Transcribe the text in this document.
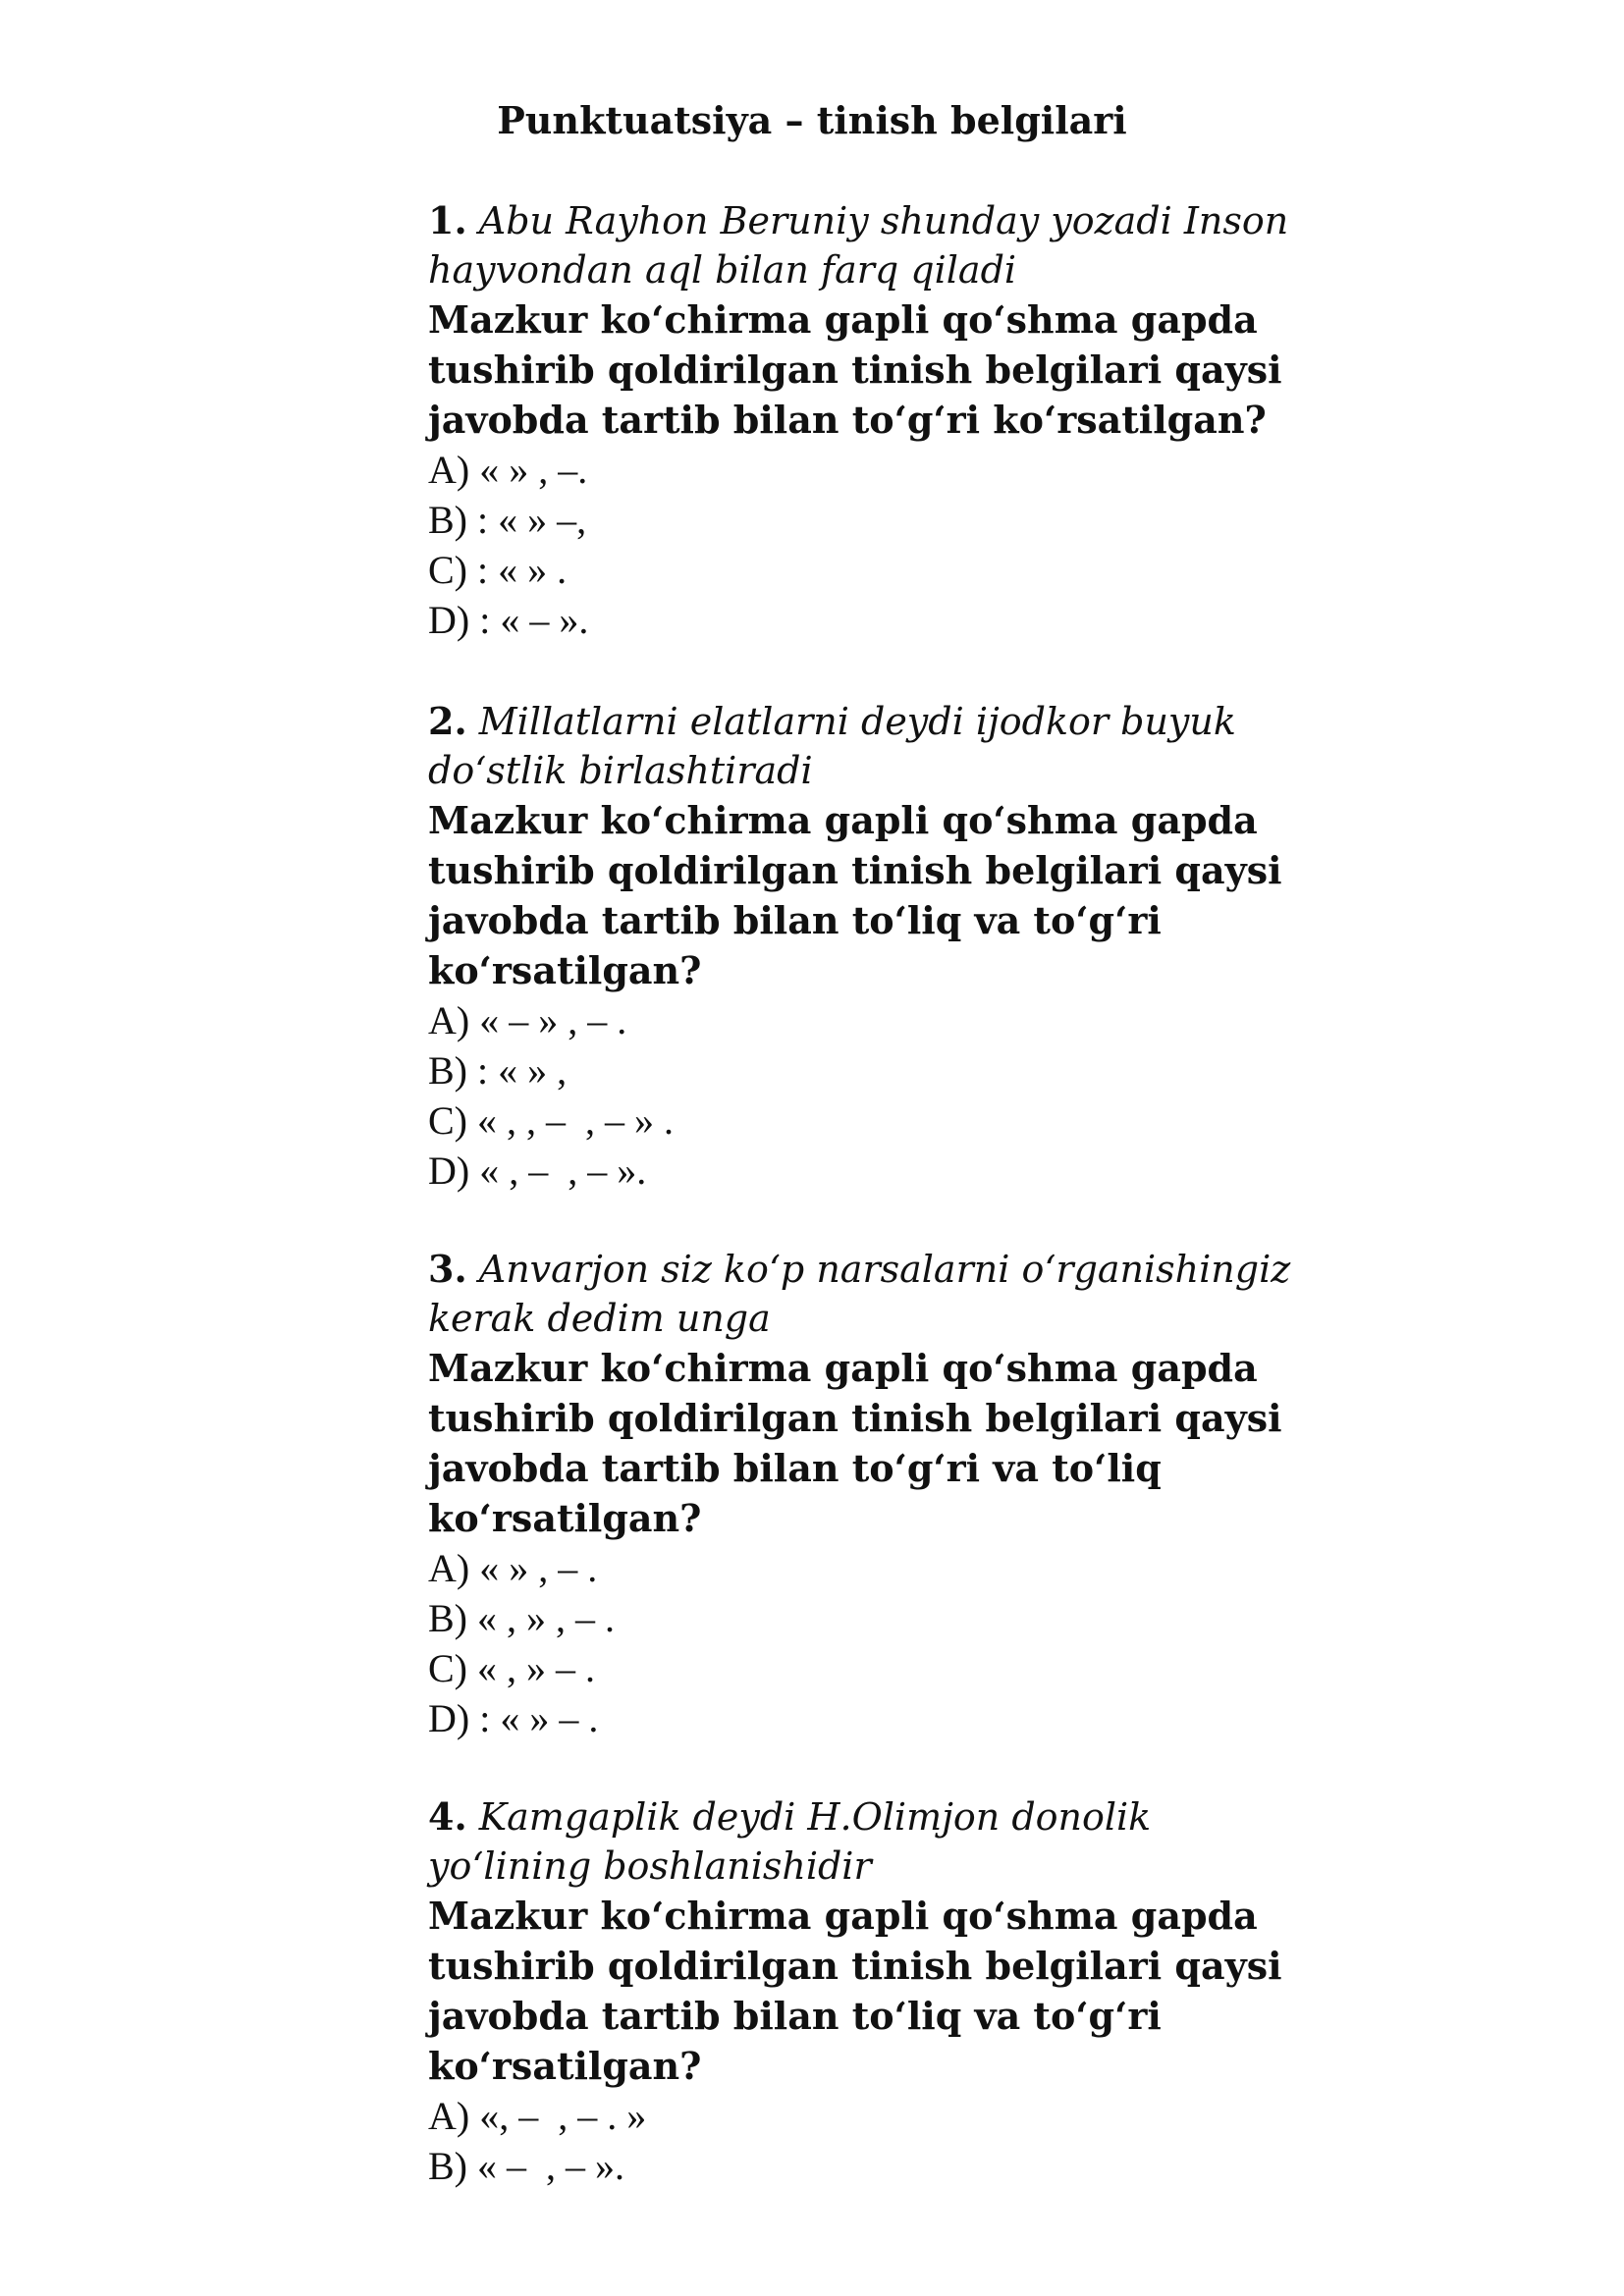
Punktuatsiya – tinish belgilari

1. Abu Rayhon Beruniy shunday yozadi Inson hayvondan aql bilan farq qiladi

Mazkur ko‘chirma gapli qo‘shma gapda tushirib qoldirilgan tinish belgilari qaysi javobda tartib bilan to‘g‘ri ko‘rsatilgan?

A) « » , –.
B) : « » –,
C) : « » .
D) : « – ».

2. Millatlarni elatlarni deydi ijodkor buyuk do‘stlik birlashtiradi

Mazkur ko‘chirma gapli qo‘shma gapda tushirib qoldirilgan tinish belgilari qaysi javobda tartib bilan to‘liq va to‘g‘ri ko‘rsatilgan?

A) « – » , – .
B) : « » ,
C) « , , –  , – » .
D) « , –  , – ».

3. Anvarjon siz ko‘p narsalarni o‘rganishingiz kerak dedim unga

Mazkur ko‘chirma gapli qo‘shma gapda tushirib qoldirilgan tinish belgilari qaysi javobda tartib bilan to‘g‘ri va to‘liq ko‘rsatilgan?

A) « » , – .
B) « , » , – .
C) « , » – .
D) : « » – .

4. Kamgaplik deydi H.Olimjon donolik yo‘lining boshlanishidir

Mazkur ko‘chirma gapli qo‘shma gapda tushirib qoldirilgan tinish belgilari qaysi javobda tartib bilan to‘liq va to‘g‘ri ko‘rsatilgan?

A) «, –  , – . »
B) « –  , – ».
